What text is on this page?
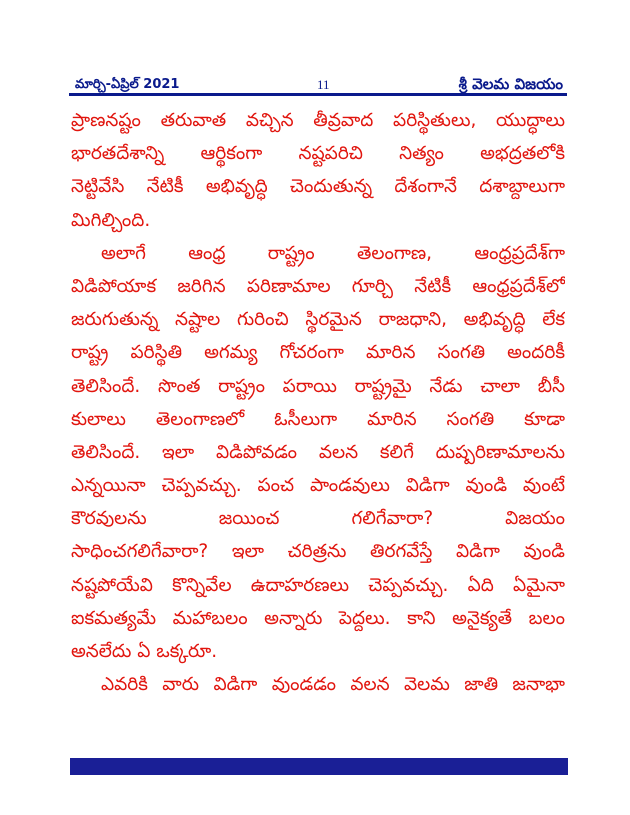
మార్చి-ఏప్రిల్ 2021	11	శ్రీ వెలమ విజయం
ప్రాణనష్టం తరువాత వచ్చిన తీవ్రవాద పరిస్థితులు, యుద్ధాలు
భారతదేశాన్ని ఆర్థికంగా నష్టపరిచి నిత్యం అభద్రతలోకి
నెట్టివేసి నేటికీ అభివృద్ధి చెందుతున్న దేశంగానే దశాబ్దాలుగా
మిగిల్చింది.
అలాగే ఆంధ్ర రాష్ట్రం తెలంగాణ, ఆంధ్రప్రదేశ్‌గా
విడిపోయాక జరిగిన పరిణామాల గూర్చి నేటికీ ఆంధ్రప్రదేశ్‌లో
జరుగుతున్న నష్టాల గురించి స్థిరమైన రాజధాని, అభివృద్ధి లేక
రాష్ట్ర పరిస్థితి అగమ్య గోచరంగా మారిన సంగతి అందరికీ
తెలిసిందే. సొంత రాష్ట్రం పరాయి రాష్ట్రమై నేడు చాలా బీసీ
కులాలు తెలంగాణలో ఓసీలుగా మారిన సంగతి కూడా
తెలిసిందే. ఇలా విడిపోవడం వలన కలిగే దుష్పరిణామాలను
ఎన్నయినా చెప్పవచ్చు. పంచ పాండవులు విడిగా వుండి వుంటే
కౌరవులను జయించ గలిగేవారా? విజయం
సాధించగలిగేవారా? ఇలా చరిత్రను తిరగవేస్తే విడిగా వుండి
నష్టపోయేవి కొన్నివేల ఉదాహరణలు చెప్పవచ్చు. ఏది ఏమైనా
ఐకమత్యమే మహాబలం అన్నారు పెద్దలు. కాని అనైక్యతే బలం
అనలేదు ఏ ఒక్కరూ.
ఎవరికి వారు విడిగా వుండడం వలన వెలమ జాతి జనాభా
